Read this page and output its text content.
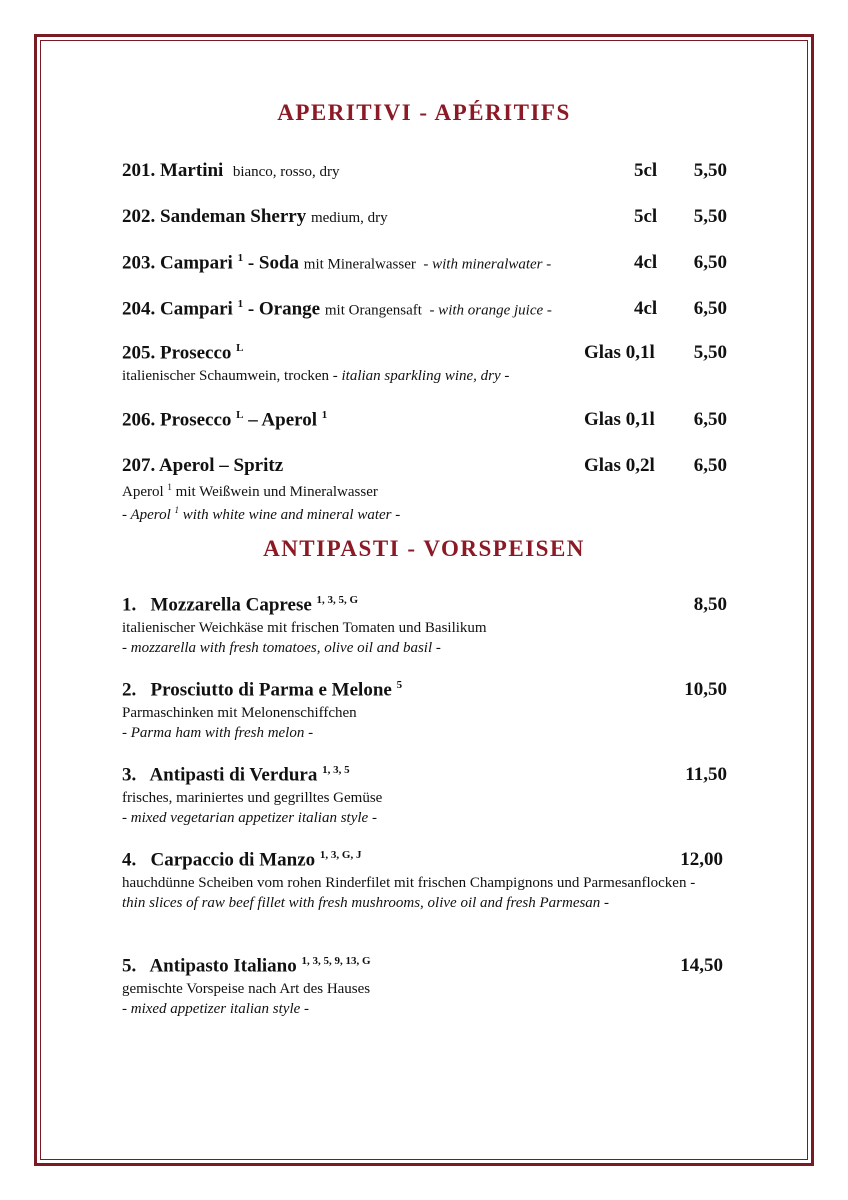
APERITIVI - APÉRITIFS
201. Martini bianco, rosso, dry	5cl 5,50
202. Sandeman Sherry medium, dry	5cl 5,50
203. Campari $^1$ - Soda mit Mineralwasser - with mineralwater -	4cl 6,50
204. Campari $^1$ - Orange mit Orangensaft - with orange juice -	4cl 6,50
205. Prosecco $^L$	Glas 0,1l 5,50
italienischer Schaumwein, trocken - italian sparkling wine, dry -
206. Prosecco $^L$ – Aperol $^1$	Glas 0,1l 6,50
207. Aperol – Spritz	Glas 0,2l 6,50
Aperol $^1$ mit Weißwein und Mineralwasser
- Aperol $^1$ with white wine and mineral water -
ANTIPASTI - VORSPEISEN
1.   Mozzarella Caprese $^{1, 3, 5, G}$	8,50
italienischer Weichkäse mit frischen Tomaten und Basilikum
- mozzarella with fresh tomatoes, olive oil and basil -
2.   Prosciutto di Parma e Melone $^5$	10,50
Parmaschinken mit Melonenschiffchen
- Parma ham with fresh melon -
3.   Antipasti di Verdura $^{1, 3, 5}$	11,50
frisches, mariniertes und gegrilltes Gemüse
- mixed vegetarian appetizer italian style -
4.   Carpaccio di Manzo $^{1, 3, G, J}$	12,00
hauchdünne Scheiben vom rohen Rinderfilet mit frischen Champignons und Parmesanflocken - thin slices of raw beef fillet with fresh mushrooms, olive oil and fresh Parmesan -
5.   Antipasto Italiano $^{1, 3, 5, 9, 13, G}$	14,50
gemischte Vorspeise nach Art des Hauses
- mixed appetizer italian style -
